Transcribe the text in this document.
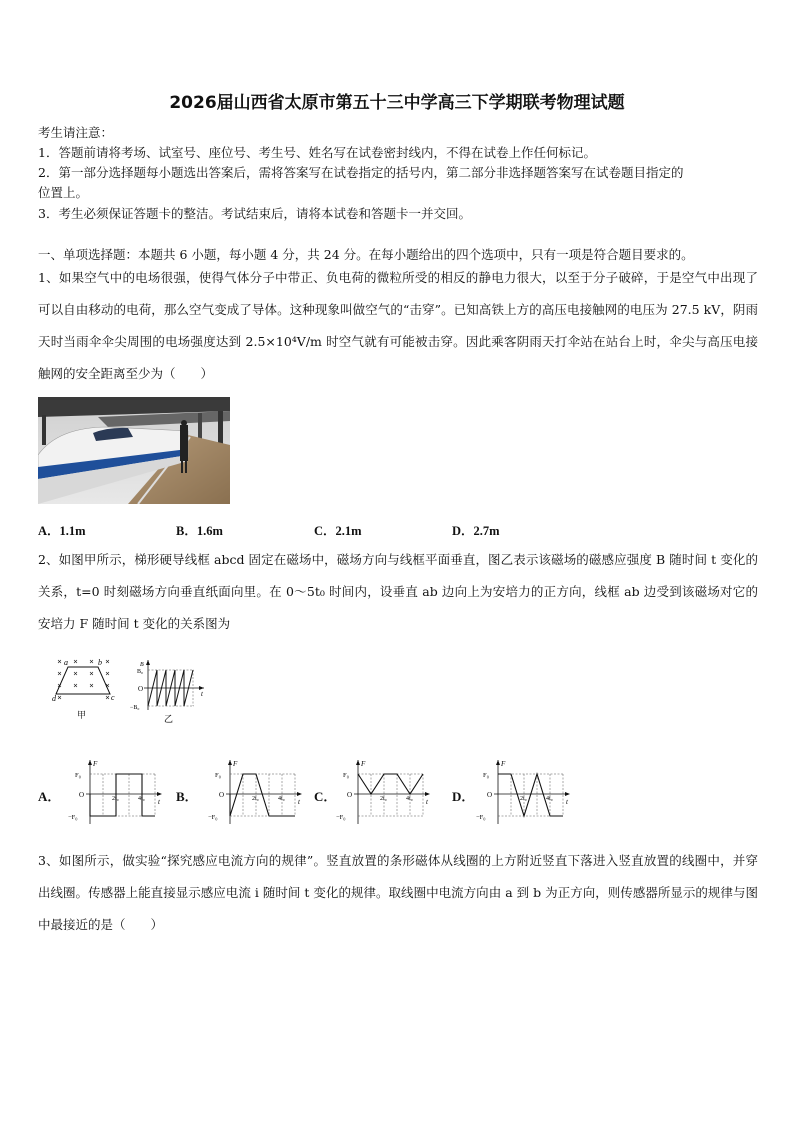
2026届山西省太原市第五十三中学高三下学期联考物理试题
考生请注意：
1．答题前请将考场、试室号、座位号、考生号、姓名写在试卷密封线内，不得在试卷上作任何标记。
2．第一部分选择题每小题选出答案后，需将答案写在试卷指定的括号内，第二部分非选择题答案写在试卷题目指定的
位置上。
3．考生必须保证答题卡的整洁。考试结束后，请将本试卷和答题卡一并交回。
一、单项选择题：本题共 6 小题，每小题 4 分，共 24 分。在每小题给出的四个选项中，只有一项是符合题目要求的。
1、如果空气中的电场很强，使得气体分子中带正、负电荷的微粒所受的相反的静电力很大，以至于分子破碎，于是空气中出现了可以自由移动的电荷，那么空气变成了导体。这种现象叫做空气的“击穿”。已知高铁上方的高压电接触网的电压为 27.5 kV，阴雨天时当雨伞伞尖周围的电场强度达到 2.5×10⁴V/m 时空气就有可能被击穿。因此乘客阴雨天打伞站在站台上时，伞尖与高压电接触网的安全距离至少为（　　）
A．1.1m	B．1.6m	C．2.1m	D．2.7m
2、如图甲所示，梯形硬导线框 abcd 固定在磁场中，磁场方向与线框平面垂直，图乙表示该磁场的磁感应强度 B 随时间 t 变化的关系，t=0 时刻磁场方向垂直纸面向里。在 0～5t₀ 时间内，设垂直 ab 边向上为安培力的正方向，线框 ab 边受到该磁场对它的安培力 F 随时间 t 变化的关系图为
a	b
c
d
甲
B
B₀
O
−B₀
t
乙
A．	B．	C．	D．
F
F₀
O
−F₀
2t₀	4t₀ t
F
F₀
O
−F₀
2t₀	4t₀ t
F
F₀
O
−F₀
2t₀	4t₀ t
F
F₀
O
−F₀
2t₀	4t₀ t
3、如图所示，做实验“探究感应电流方向的规律”。竖直放置的条形磁体从线圈的上方附近竖直下落进入竖直放置的线圈中，并穿出线圈。传感器上能直接显示感应电流 i 随时间 t 变化的规律。取线圈中电流方向由 a 到 b 为正方向，则传感器所显示的规律与图中最接近的是（　　）
